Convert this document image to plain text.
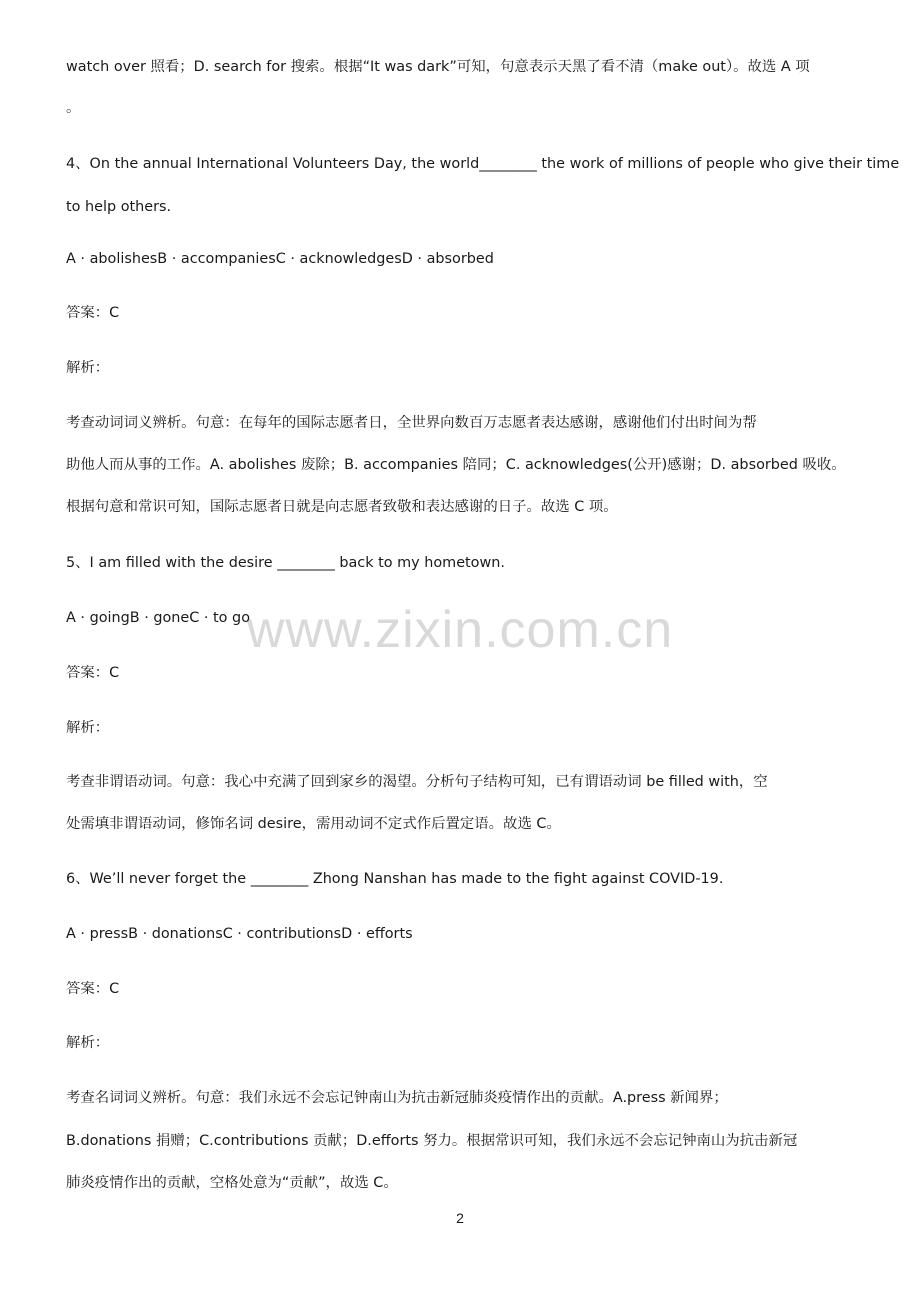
www.zixin.com.cn
watch over 照看；D. search for 搜索。根据“It was dark”可知，句意表示天黑了看不清（make out）。故选 A 项
。
4、On the annual International Volunteers Day, the world________ the work of millions of people who give their time
to help others.
A · abolishesB · accompaniesC · acknowledgesD · absorbed
答案：C
解析：
考查动词词义辨析。句意：在每年的国际志愿者日，全世界向数百万志愿者表达感谢，感谢他们付出时间为帮
助他人而从事的工作。A. abolishes 废除；B. accompanies 陪同；C. acknowledges(公开)感谢；D. absorbed 吸收。
根据句意和常识可知，国际志愿者日就是向志愿者致敬和表达感谢的日子。故选 C 项。
5、I am filled with the desire ________ back to my hometown.
A · goingB · goneC · to go
答案：C
解析：
考查非谓语动词。句意：我心中充满了回到家乡的渴望。分析句子结构可知，已有谓语动词 be filled with，空
处需填非谓语动词，修饰名词 desire，需用动词不定式作后置定语。故选 C。
6、We’ll never forget the ________ Zhong Nanshan has made to the fight against COVID-19.
A · pressB · donationsC · contributionsD · efforts
答案：C
解析：
考查名词词义辨析。句意：我们永远不会忘记钟南山为抗击新冠肺炎疫情作出的贡献。A.press 新闻界；
B.donations 捐赠；C.contributions 贡献；D.efforts 努力。根据常识可知，我们永远不会忘记钟南山为抗击新冠
肺炎疫情作出的贡献，空格处意为“贡献”，故选 C。
2
